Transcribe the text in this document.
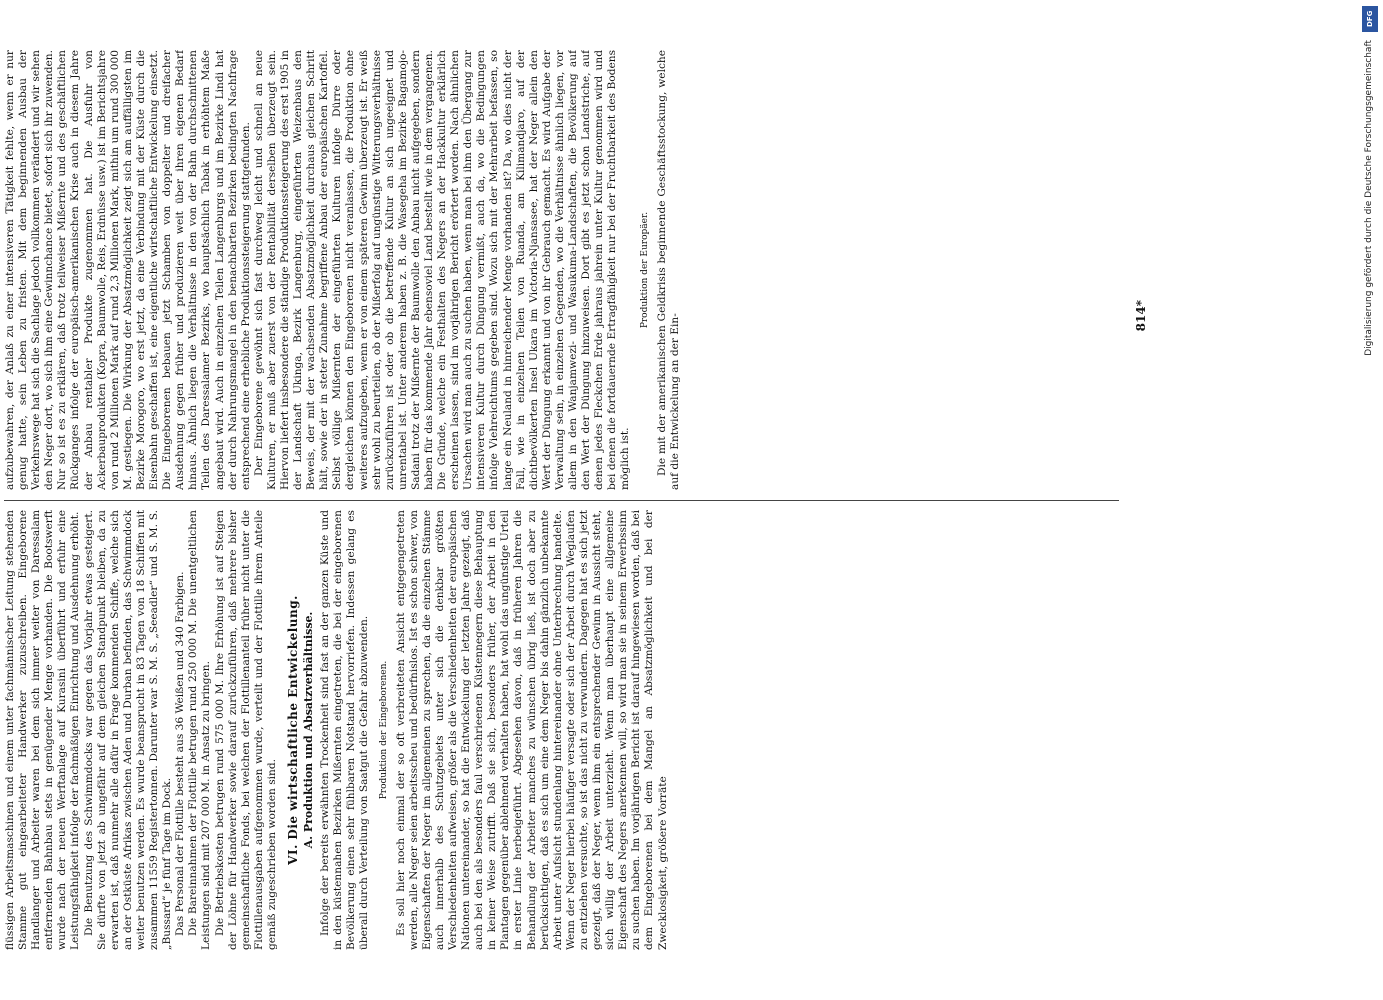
flüssigen Arbeitsmaschinen und einem unter fachmännischer Leitung stehenden Stamme gut eingearbeiteter Handwerker zuzuschreiben. Eingeborene Handlanger und Arbeiter waren bei dem sich immer weiter von Daressalam entfernenden Bahnbau stets in genügender Menge vorhanden. Die Bootswerft wurde nach der neuen Werftanlage auf Kurasini überführt und erfuhr eine Leistungsfähigkeit infolge der fachmäßigen Einrichtung und Ausdehnung erhöht. Die Benutzung des Schwimmdocks war gegen das Vorjahr etwas gesteigert. Sie dürfte von jetzt ab ungefähr auf dem gleichen Standpunkt bleiben, da zu erwarten ist, daß nunmehr alle dafür in Frage kommenden Schiffe, welche sich an der Ostküste Afrikas zwischen Aden und Durban befinden, das Schwimmdock weiter benutzen werden. Es wurde beansprucht in 83 Tagen von 18 Schiffen mit zusammen 11559 Registertonnen. Darunter war S. M. S. „Seeadler“ und S. M. S. „Bussard“ je fünf Tage im Dock. Das Personal der Flottille besteht aus 36 Weißen und 340 Farbigen. Die Bareinnahmen der Flottille betrugen rund 250 000 M. Die unentgeltlichen Leistungen sind mit 207 000 M. in Ansatz zu bringen. Die Betriebskosten betrugen rund 575 000 M. Ihre Erhöhung ist auf Steigen der Löhne für Handwerker sowie darauf zurückzuführen, daß mehrere bisher gemeinschaftliche Fonds, bei welchen der Flottillenanteil früher nicht unter die Flottillenausgaben aufgenommen wurde, verteilt und der Flottille ihrem Anteile gemäß zugeschrieben worden sind. VI. Die wirtschaftliche Entwickelung. A. Produktion und Absatzverhältnisse. Infolge der bereits erwähnten Trockenheit sind fast an der ganzen Küste und in den küstennahen Bezirken Mißernten eingetreten, die bei der eingeborenen Bevölkerung einen sehr fühlbaren Notstand hervorriefen. Indessen gelang es überall durch Verteilung von Saatgut die Gefahr abzuwenden. Produktion der Eingeborenen. Es soll hier noch einmal der so oft verbreiteten Ansicht entgegengetreten werden, alle Neger seien arbeitsscheu und bedürfnislos. Ist es schon schwer, von Eigenschaften der Neger im allgemeinen zu sprechen, da die einzelnen Stämme auch innerhalb des Schutzgebiets unter sich die denkbar größten Verschiedenheiten aufweisen, größer als die Verschiedenheiten der europäischen Nationen untereinander, so hat die Entwickelung der letzten Jahre gezeigt, daß auch bei den als besonders faul verschrieenen Küstennegern diese Behauptung in keiner Weise zutrifft. Daß sie sich, besonders früher, der Arbeit in den Plantagen gegenüber ablehnend verhalten haben, hat wohl das ungünstige Urteil in erster Linie herbeigeführt. Abgesehen davon, daß in früheren Jahren die Behandlung der Arbeiter manches zu wünschen übrig ließ, ist doch aber zu berücksichtigen, daß es sich um eine dem Neger bis dahin gänzlich unbekannte Arbeit unter Aufsicht stundenlang hintereinander ohne Unterbrechung handelte. Wenn der Neger hierbei häufiger versagte oder sich der Arbeit durch Weglaufen zu entziehen versuchte, so ist das nicht zu verwundern. Dagegen hat es sich jetzt gezeigt, daß der Neger, wenn ihm ein entsprechender Gewinn in Aussicht steht, sich willig der Arbeit unterzieht. Wenn man überhaupt eine allgemeine Eigenschaft des Negers anerkennen will, so wird man sie in seinem Erwerbssinn zu suchen haben. Im vorjährigen Bericht ist darauf hingewiesen worden, daß bei dem Eingeborenen bei dem Mangel an Absatzmöglichkeit und bei der Zwecklosigkeit, größere Vorräte

aufzubewahren, der Anlaß zu einer intensiveren Tätigkeit fehlte, wenn er nur genug hatte, sein Leben zu fristen. Mit dem beginnenden Ausbau der Verkehrswege hat sich die Sachlage jedoch vollkommen verändert und wir sehen den Neger dort, wo sich ihm eine Gewinnchance bietet, sofort sich ihr zuwenden. Nur so ist es zu erklären, daß trotz teilweiser Mißernte und des geschäftlichen Rückganges infolge der europäisch-amerikanischen Krise auch in diesem Jahre der Anbau rentabler Produkte zugenommen hat. Die Ausfuhr von Ackerbauprodukten (Kopra, Baumwolle, Reis, Erdnüsse usw.) ist im Berichtsjahre von rund 2 Millionen Mark auf rund 2,3 Millionen Mark, mithin um rund 300 000 M. gestiegen. Die Wirkung der Absatzmöglichkeit zeigt sich am auffälligsten im Bezirke Morogoro, wo erst jetzt, da eine Verbindung mit der Küste durch die Eisenbahn geschaffen ist, eine eigentliche wirtschaftliche Entwickelung einsetzt. Die Eingeborenen bebauen jetzt Schamben von doppelter und dreifacher Ausdehnung gegen früher und produzieren weit über ihren eigenen Bedarf hinaus. Ähnlich liegen die Verhältnisse in den von der Bahn durchschnittenen Teilen des Daressalamer Bezirks, wo hauptsächlich Tabak in erhöhtem Maße angebaut wird. Auch in einzelnen Teilen Langenburgs und im Bezirke Lindi hat der durch Nahrungsmangel in den benachbarten Bezirken bedingten Nachfrage entsprechend eine erhebliche Produktionssteigerung stattgefunden. Der Eingeborene gewöhnt sich fast durchweg leicht und schnell an neue Kulturen, er muß aber zuerst von der Rentabilität derselben überzeugt sein. Hiervon liefert insbesondere die ständige Produktionssteigerung des erst 1905 in der Landschaft Ukinga, Bezirk Langenburg, eingeführten Weizenbaus den Beweis, der mit der wachsenden Absatzmöglichkeit durchaus gleichen Schritt hält, sowie der in steter Zunahme begriffene Anbau der europäischen Kartoffel. Selbst völlige Mißernten der eingeführten Kulturen infolge Dürre oder dergleichen können den Eingeborenen nicht veranlassen, die Produktion ohne weiteres aufzugeben, wenn er von einem späteren Gewinn überzeugt ist. Er weiß sehr wohl zu beurteilen, ob der Mißerfolg auf ungünstige Witterungsverhältnisse zurückzuführen ist oder ob die betreffende Kultur an sich ungeeignet und unrentabel ist. Unter anderem haben z. B. die Wasegeha im Bezirke Bagamojo-Sadani trotz der Mißernte der Baumwolle den Anbau nicht aufgegeben, sondern haben für das kommende Jahr ebensoviel Land bestellt wie in dem vergangenen. Die Gründe, welche ein Festhalten des Negers an der Hackkultur erklärlich erscheinen lassen, sind im vorjährigen Bericht erörtert worden. Nach ähnlichen Ursachen wird man auch zu suchen haben, wenn man bei ihm den Übergang zur intensiveren Kultur durch Düngung vermißt, auch da, wo die Bedingungen infolge Viehreichtums gegeben sind. Wozu sich mit der Mehrarbeit befassen, so lange ein Neuland in hinreichender Menge vorhanden ist? Da, wo dies nicht der Fall, wie in einzelnen Teilen von Ruanda, am Kilimandjaro, auf der dichtbevölkerten Insel Ukara im Victoria-Njansasee, hat der Neger allein den Wert der Düngung erkannt und von ihr Gebrauch gemacht. Es wird Aufgabe der Verwaltung sein, in einzelnen Gegenden, wo die Verhältnisse ähnlich liegen, vor allem in den Wanjamwezi- und Wasukuma-Landschaften, die Bevölkerung auf den Wert der Düngung hinzuweisen. Dort gibt es jetzt schon Landstriche, auf denen jedes Fleckchen Erde jahraus jahrein unter Kultur genommen wird und bei denen die fortdauernde Ertragfähigkeit nur bei der Fruchtbarkeit des Bodens möglich ist.

Produktion der Europäer. Die mit der amerikanischen Geldkrisis beginnende Geschäftsstockung, welche auf die Entwickelung an der Ein-	814*
DFG
Digitalisierung gefördert durch die Deutsche Forschungsgemeinschaft
